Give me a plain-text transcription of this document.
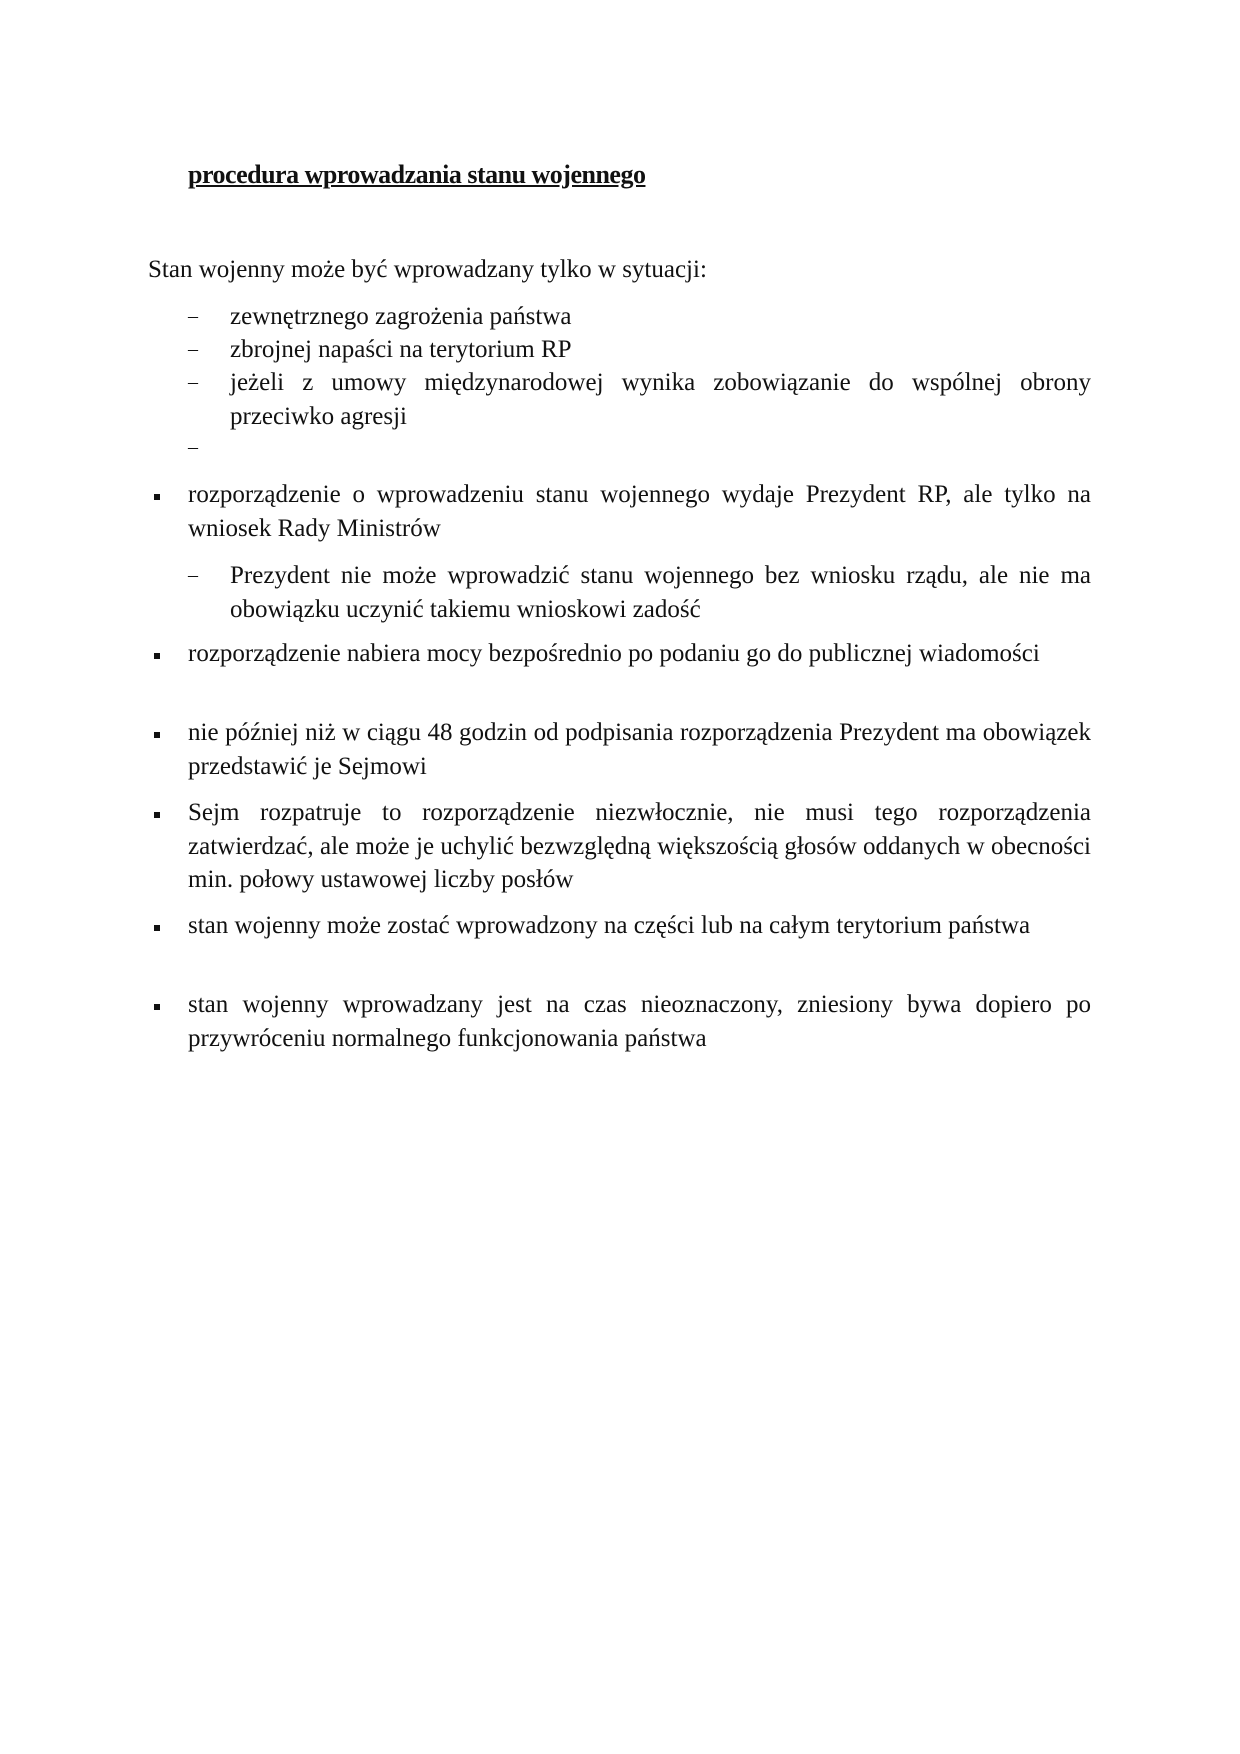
procedura wprowadzania stanu wojennego
Stan wojenny może być wprowadzany tylko w sytuacji:
– zewnętrznego zagrożenia państwa
– zbrojnej napaści na terytorium RP
– jeżeli z umowy międzynarodowej wynika zobowiązanie do wspólnej obrony przeciwko agresji
–
rozporządzenie o wprowadzeniu stanu wojennego wydaje Prezydent RP, ale tylko na wniosek Rady Ministrów
– Prezydent nie może wprowadzić stanu wojennego bez wniosku rządu, ale nie ma obowiązku uczynić takiemu wnioskowi zadość
rozporządzenie nabiera mocy bezpośrednio po podaniu go do publicznej wiadomości
nie później niż w ciągu 48 godzin od podpisania rozporządzenia Prezydent ma obowiązek przedstawić je Sejmowi
Sejm rozpatruje to rozporządzenie niezwłocznie, nie musi tego rozporządzenia zatwierdzać, ale może je uchylić bezwzględną większością głosów oddanych w obecności min. połowy ustawowej liczby posłów
stan wojenny może zostać wprowadzony na części lub na całym terytorium państwa
stan wojenny wprowadzany jest na czas nieoznaczony, zniesiony bywa dopiero po przywróceniu normalnego funkcjonowania państwa
